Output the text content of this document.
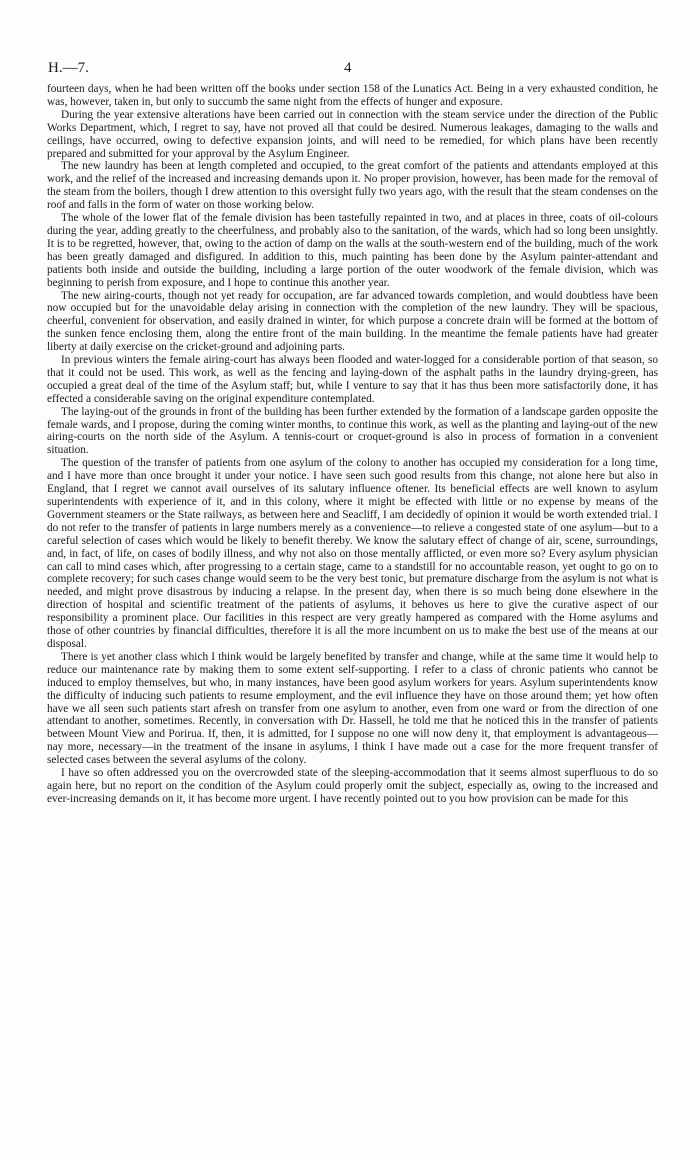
H.—7.	4

fourteen days, when he had been written off the books under section 158 of the Lunatics Act. Being in a very exhausted condition, he was, however, taken in, but only to succumb the same night from the effects of hunger and exposure.

During the year extensive alterations have been carried out in connection with the steam service under the direction of the Public Works Department, which, I regret to say, have not proved all that could be desired. Numerous leakages, damaging to the walls and ceilings, have occurred, owing to defective expansion joints, and will need to be remedied, for which plans have been recently prepared and submitted for your approval by the Asylum Engineer.

The new laundry has been at length completed and occupied, to the great comfort of the patients and attendants employed at this work, and the relief of the increased and increasing demands upon it. No proper provision, however, has been made for the removal of the steam from the boilers, though I drew attention to this oversight fully two years ago, with the result that the steam condenses on the roof and falls in the form of water on those working below.

The whole of the lower flat of the female division has been tastefully repainted in two, and at places in three, coats of oil-colours during the year, adding greatly to the cheerfulness, and probably also to the sanitation, of the wards, which had so long been unsightly. It is to be regretted, however, that, owing to the action of damp on the walls at the south-western end of the building, much of the work has been greatly damaged and disfigured. In addition to this, much painting has been done by the Asylum painter-attendant and patients both inside and outside the building, including a large portion of the outer woodwork of the female division, which was beginning to perish from exposure, and I hope to continue this another year.

The new airing-courts, though not yet ready for occupation, are far advanced towards completion, and would doubtless have been now occupied but for the unavoidable delay arising in connection with the completion of the new laundry. They will be spacious, cheerful, convenient for observation, and easily drained in winter, for which purpose a concrete drain will be formed at the bottom of the sunken fence enclosing them, along the entire front of the main building. In the meantime the female patients have had greater liberty at daily exercise on the cricket-ground and adjoining parts.

In previous winters the female airing-court has always been flooded and water-logged for a considerable portion of that season, so that it could not be used. This work, as well as the fencing and laying-down of the asphalt paths in the laundry drying-green, has occupied a great deal of the time of the Asylum staff; but, while I venture to say that it has thus been more satisfactorily done, it has effected a considerable saving on the original expenditure contemplated.

The laying-out of the grounds in front of the building has been further extended by the formation of a landscape garden opposite the female wards, and I propose, during the coming winter months, to continue this work, as well as the planting and laying-out of the new airing-courts on the north side of the Asylum. A tennis-court or croquet-ground is also in process of formation in a convenient situation.

The question of the transfer of patients from one asylum of the colony to another has occupied my consideration for a long time, and I have more than once brought it under your notice. I have seen such good results from this change, not alone here but also in England, that I regret we cannot avail ourselves of its salutary influence oftener. Its beneficial effects are well known to asylum superintendents with experience of it, and in this colony, where it might be effected with little or no expense by means of the Government steamers or the State railways, as between here and Seacliff, I am decidedly of opinion it would be worth extended trial. I do not refer to the transfer of patients in large numbers merely as a convenience—to relieve a congested state of one asylum—but to a careful selection of cases which would be likely to benefit thereby. We know the salutary effect of change of air, scene, surroundings, and, in fact, of life, on cases of bodily illness, and why not also on those mentally afflicted, or even more so? Every asylum physician can call to mind cases which, after progressing to a certain stage, came to a standstill for no accountable reason, yet ought to go on to complete recovery; for such cases change would seem to be the very best tonic, but premature discharge from the asylum is not what is needed, and might prove disastrous by inducing a relapse. In the present day, when there is so much being done elsewhere in the direction of hospital and scientific treatment of the patients of asylums, it behoves us here to give the curative aspect of our responsibility a prominent place. Our facilities in this respect are very greatly hampered as compared with the Home asylums and those of other countries by financial difficulties, therefore it is all the more incumbent on us to make the best use of the means at our disposal.

There is yet another class which I think would be largely benefited by transfer and change, while at the same time it would help to reduce our maintenance rate by making them to some extent self-supporting. I refer to a class of chronic patients who cannot be induced to employ themselves, but who, in many instances, have been good asylum workers for years. Asylum superintendents know the difficulty of inducing such patients to resume employment, and the evil influence they have on those around them; yet how often have we all seen such patients start afresh on transfer from one asylum to another, even from one ward or from the direction of one attendant to another, sometimes. Recently, in conversation with Dr. Hassell, he told me that he noticed this in the transfer of patients between Mount View and Porirua. If, then, it is admitted, for I suppose no one will now deny it, that employment is advantageous—nay more, necessary—in the treatment of the insane in asylums, I think I have made out a case for the more frequent transfer of selected cases between the several asylums of the colony.

I have so often addressed you on the overcrowded state of the sleeping-accommodation that it seems almost superfluous to do so again here, but no report on the condition of the Asylum could properly omit the subject, especially as, owing to the increased and ever-increasing demands on it, it has become more urgent. I have recently pointed out to you how provision can be made for this
